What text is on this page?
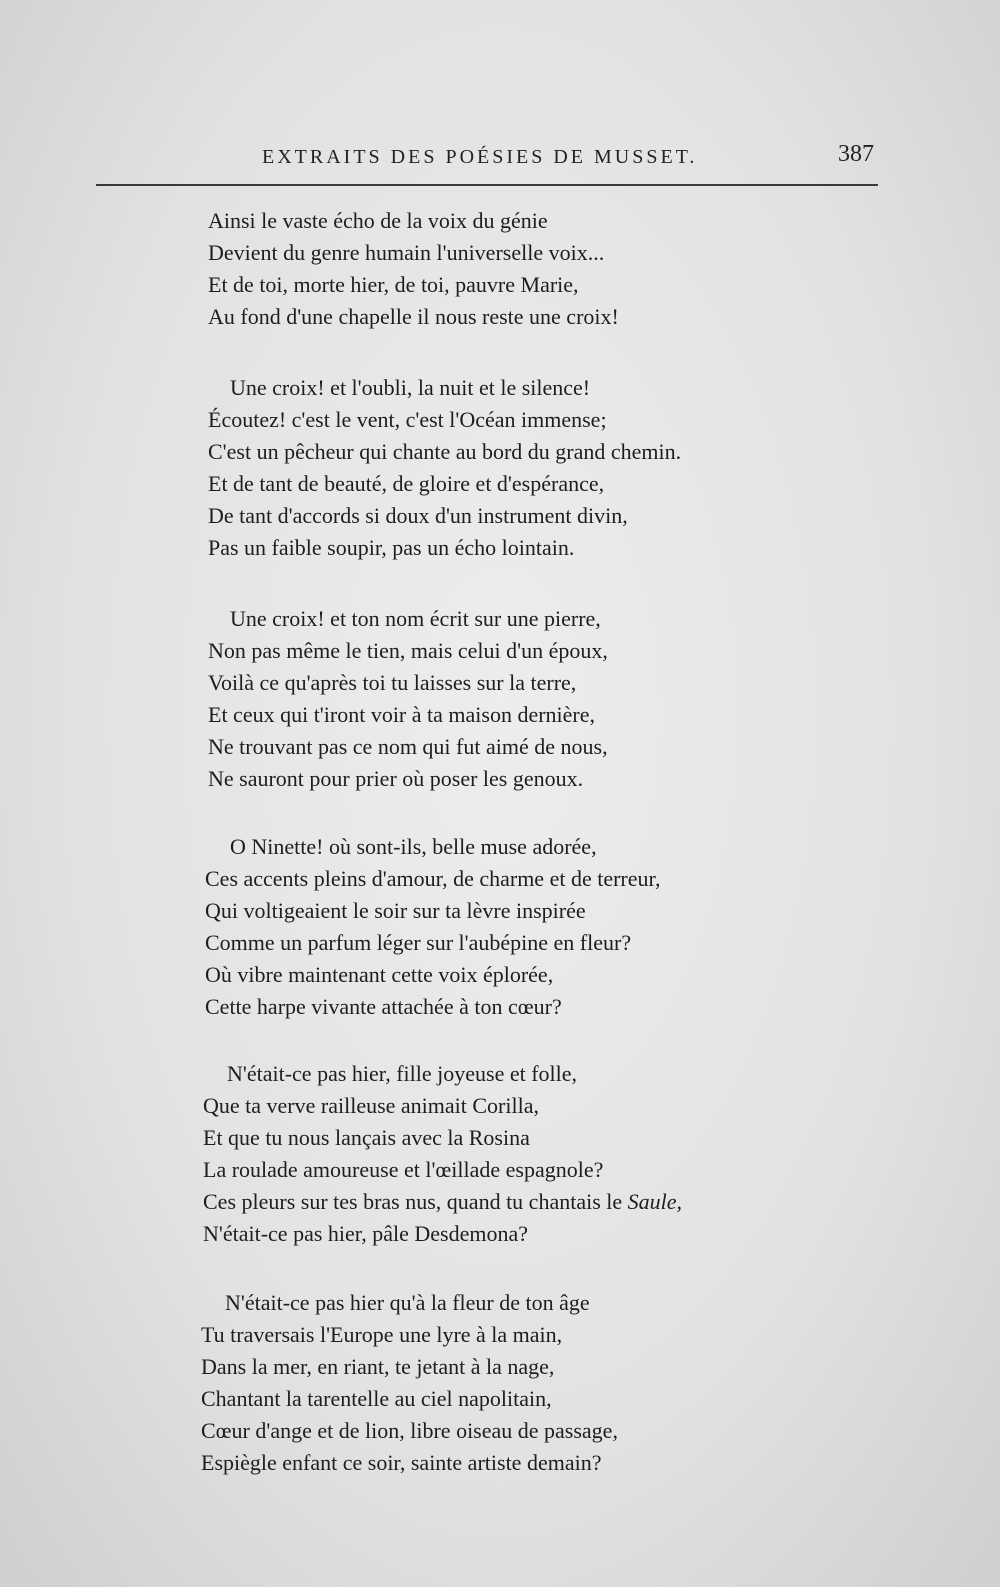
EXTRAITS DES POÉSIES DE MUSSET.	387
Ainsi le vaste écho de la voix du génie
Devient du genre humain l'universelle voix...
Et de toi, morte hier, de toi, pauvre Marie,
Au fond d'une chapelle il nous reste une croix!
Une croix! et l'oubli, la nuit et le silence!
Écoutez! c'est le vent, c'est l'Océan immense;
C'est un pêcheur qui chante au bord du grand chemin.
Et de tant de beauté, de gloire et d'espérance,
De tant d'accords si doux d'un instrument divin,
Pas un faible soupir, pas un écho lointain.
Une croix! et ton nom écrit sur une pierre,
Non pas même le tien, mais celui d'un époux,
Voilà ce qu'après toi tu laisses sur la terre,
Et ceux qui t'iront voir à ta maison dernière,
Ne trouvant pas ce nom qui fut aimé de nous,
Ne sauront pour prier où poser les genoux.
O Ninette! où sont-ils, belle muse adorée,
Ces accents pleins d'amour, de charme et de terreur,
Qui voltigeaient le soir sur ta lèvre inspirée
Comme un parfum léger sur l'aubépine en fleur?
Où vibre maintenant cette voix éplorée,
Cette harpe vivante attachée à ton cœur?
N'était-ce pas hier, fille joyeuse et folle,
Que ta verve railleuse animait Corilla,
Et que tu nous lançais avec la Rosina
La roulade amoureuse et l'œillade espagnole?
Ces pleurs sur tes bras nus, quand tu chantais le Saule,
N'était-ce pas hier, pâle Desdemona?
N'était-ce pas hier qu'à la fleur de ton âge
Tu traversais l'Europe une lyre à la main,
Dans la mer, en riant, te jetant à la nage,
Chantant la tarentelle au ciel napolitain,
Cœur d'ange et de lion, libre oiseau de passage,
Espiègle enfant ce soir, sainte artiste demain?
